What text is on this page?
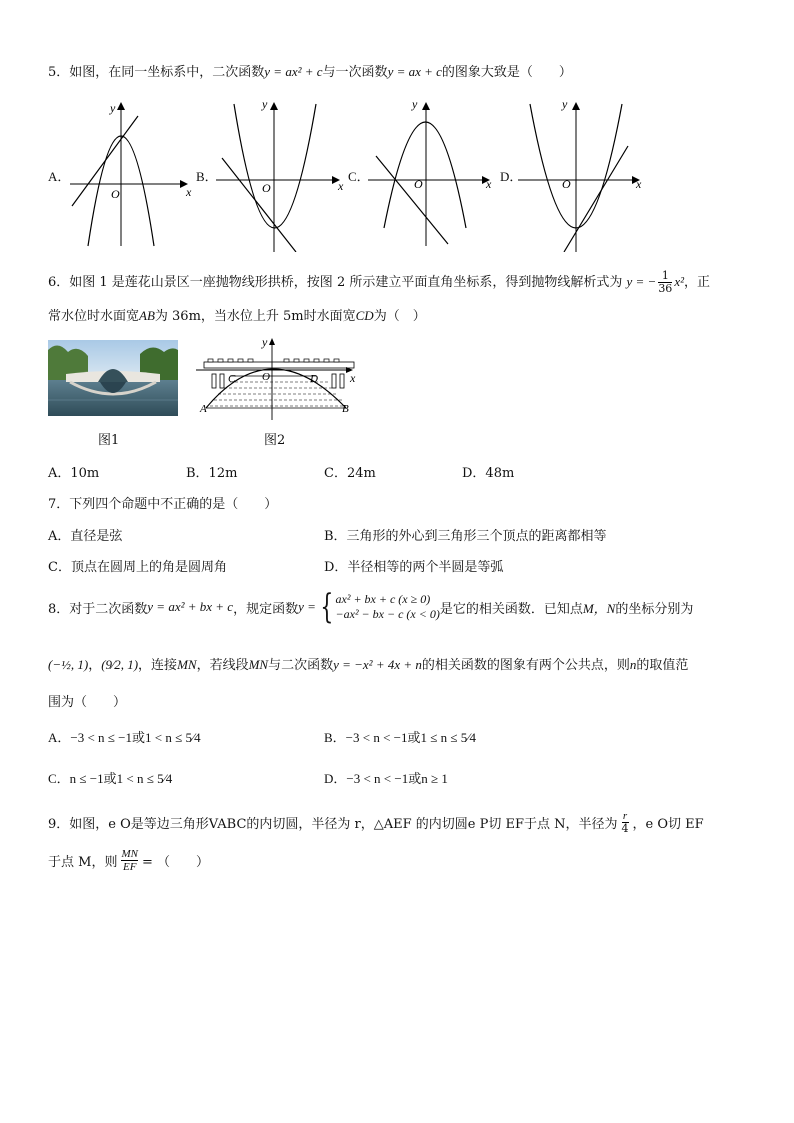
5．如图，在同一坐标系中，二次函数y = ax² + c与一次函数y = ax + c的图象大致是（　　）
A．	B．	C．	D．
y
x
O
y
x
O
y
x
O
y
x
O
6．如图 1 是莲花山景区一座抛物线形拱桥，按图 2 所示建立平面直角坐标系，得到抛物线解析式为 y = − $\frac{1}{36} x^2$，正
常水位时水面宽AB为 36m，当水位上升 5m时水面宽CD为（　）
图1
y
x
O
C	D
A	B
图2
A．10m	B．12m	C．24m	D．48m
7．下列四个命题中不正确的是（　　）
A．直径是弦	B．三角形的外心到三角形三个顶点的距离都相等
C．顶点在圆周上的角是圆周角	D．半径相等的两个半圆是等弧
8．对于二次函数 y = ax² + bx + c ，规定函数 y = { ax² + bx + c (x ≥ 0)
−ax² − bx − c (x < 0) 是它的相关函数．已知点 M，N 的坐标分别为
(−½, 1)，(9⁄2, 1)，连接MN，若线段MN与二次函数y = −x² + 4x + n的相关函数的图象有两个公共点，则n的取值范
围为（　　）
A．−3 < n ≤ −1或1 < n ≤ 5⁄4	B．−3 < n < −1或1 ≤ n ≤ 5⁄4
C．n ≤ −1或1 < n ≤ 5⁄4	D．−3 < n < −1或n ≥ 1
9．如图，e O是等边三角形VABC的内切圆，半径为 r，△AEF 的内切圆e P切 EF于点 N，半径为
r
4 ，e O切 EF
于点 M，则 $\frac{MN}{EF}$ = （　　）
